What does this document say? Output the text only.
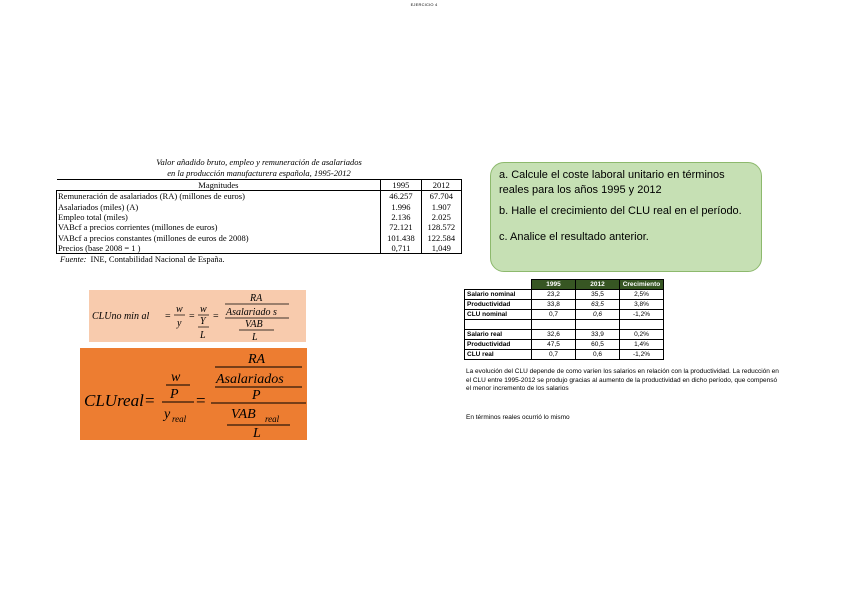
EJERCICIO 4
Valor añadido bruto, empleo y remuneración de asalariados
en la producción manufacturera española, 1995-2012
Magnitudes	1995	2012
Remuneración de asalariados (RA) (millones de euros)	46.257	67.704
Asalariados (miles) (A)	1.996	1.907
Empleo total (miles)	2.136	2.025
VABcf a precios corrientes (millones de euros)	72.121	128.572
VABcf a precios constantes (millones de euros de 2008)	101.438	122.584
Precios (base 2008 = 1 )	0,711	1,049
Fuente: INE, Contabilidad Nacional de España.

a. Calcule el coste laboral unitario en términos reales para los años 1995 y 2012

b. Halle el crecimiento del CLU real en el período.

c. Analice el resultado anterior.

CLUno min al =
w
y
=
w
Y
L
=
RA
Asalariado s
VAB
L
CLUreal =
w
P
y real
=
RA
Asalariados
P
VAB real
L
	1995	2012	Crecimiento
Salario nominal	23,2	35,5	2,5%
Productividad	33,8	63,5	3,8%
CLU nominal	0,7	0,6	-1,2%

Salario real	32,6	33,9	0,2%
Productividad	47,5	60,5	1,4%
CLU real	0,7	0,6	-1,2%
La evolución del CLU depende de como varíen los salarios en relación con la productividad. La reducción en el CLU entre 1995-2012 se produjo gracias al aumento de la productividad en dicho período, que compensó el menor incremento de los salarios
En términos reales ocurrió lo mismo
